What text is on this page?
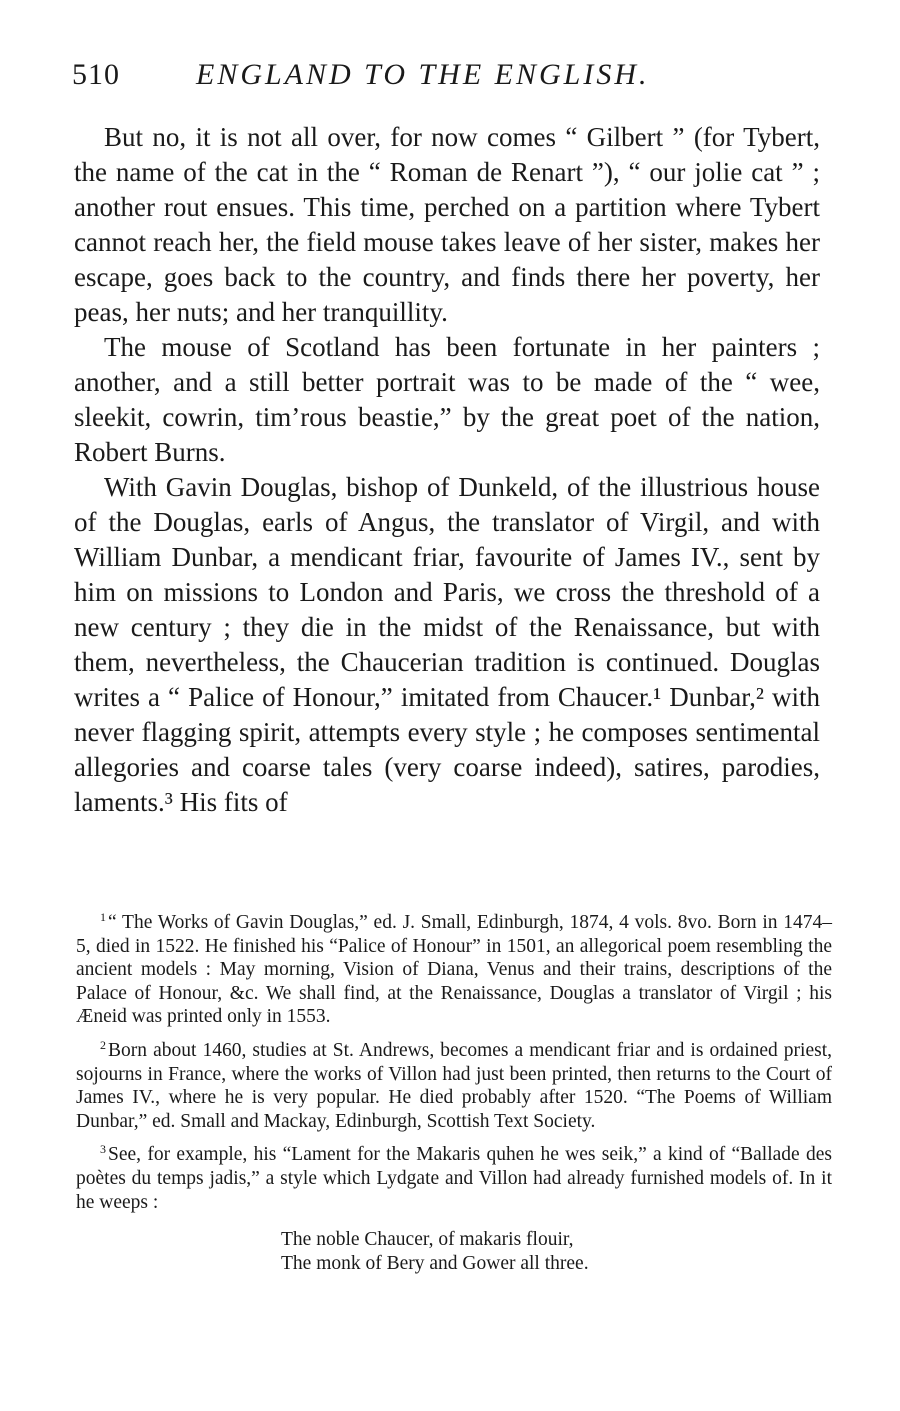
510	ENGLAND TO THE ENGLISH.

But no, it is not all over, for now comes “ Gilbert ” (for Tybert, the name of the cat in the “ Roman de Renart ”), “ our jolie cat ” ; another rout ensues. This time, perched on a partition where Tybert cannot reach her, the field mouse takes leave of her sister, makes her escape, goes back to the country, and finds there her poverty, her peas, her nuts; and her tranquillity.

The mouse of Scotland has been fortunate in her painters ; another, and a still better portrait was to be made of the “ wee, sleekit, cowrin, tim’rous beastie,” by the great poet of the nation, Robert Burns.

With Gavin Douglas, bishop of Dunkeld, of the illustrious house of the Douglas, earls of Angus, the translator of Virgil, and with William Dunbar, a mendicant friar, favourite of James IV., sent by him on missions to London and Paris, we cross the threshold of a new century ; they die in the midst of the Renaissance, but with them, nevertheless, the Chaucerian tradition is continued. Douglas writes a “ Palice of Honour,” imitated from Chaucer.¹ Dunbar,² with never flagging spirit, attempts every style ; he composes sentimental allegories and coarse tales (very coarse indeed), satires, parodies, laments.³ His fits of

$^1$ “ The Works of Gavin Douglas,” ed. J. Small, Edinburgh, 1874, 4 vols. 8vo. Born in 1474–5, died in 1522. He finished his “Palice of Honour” in 1501, an allegorical poem resembling the ancient models : May morning, Vision of Diana, Venus and their trains, descriptions of the Palace of Honour, &c. We shall find, at the Renaissance, Douglas a translator of Virgil ; his Æneid was printed only in 1553.

$^2$ Born about 1460, studies at St. Andrews, becomes a mendicant friar and is ordained priest, sojourns in France, where the works of Villon had just been printed, then returns to the Court of James IV., where he is very popular. He died probably after 1520. “The Poems of William Dunbar,” ed. Small and Mackay, Edinburgh, Scottish Text Society.

$^3$ See, for example, his “Lament for the Makaris quhen he wes seik,” a kind of “Ballade des poètes du temps jadis,” a style which Lydgate and Villon had already furnished models of. In it he weeps :

The noble Chaucer, of makaris flouir,
The monk of Bery and Gower all three.
